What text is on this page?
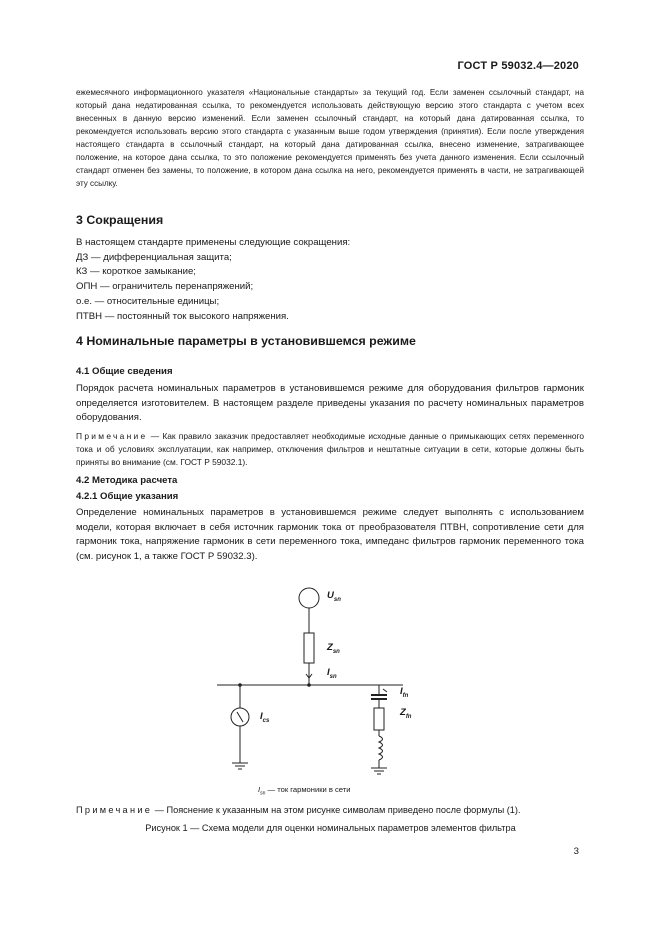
ГОСТ Р 59032.4—2020
ежемесячного информационного указателя «Национальные стандарты» за текущий год. Если заменен ссылочный стандарт, на который дана недатированная ссылка, то рекомендуется использовать действующую версию этого стандарта с учетом всех внесенных в данную версию изменений. Если заменен ссылочный стандарт, на который дана датированная ссылка, то рекомендуется использовать версию этого стандарта с указанным выше годом утверждения (принятия). Если после утверждения настоящего стандарта в ссылочный стандарт, на который дана датированная ссылка, внесено изменение, затрагивающее положение, на которое дана ссылка, то это положение рекомендуется применять без учета данного изменения. Если ссылочный стандарт отменен без замены, то положение, в котором дана ссылка на него, рекомендуется применять в части, не затрагивающей эту ссылку.
3 Сокращения
В настоящем стандарте применены следующие сокращения:
ДЗ — дифференциальная защита;
КЗ — короткое замыкание;
ОПН — ограничитель перенапряжений;
о.е. — относительные единицы;
ПТВН — постоянный ток высокого напряжения.
4 Номинальные параметры в установившемся режиме
4.1 Общие сведения
Порядок расчета номинальных параметров в установившемся режиме для оборудования фильтров гармоник определяется изготовителем. В настоящем разделе приведены указания по расчету номинальных параметров оборудования.
Примечание — Как правило заказчик предоставляет необходимые исходные данные о примыкающих сетях переменного тока и об условиях эксплуатации, как например, отключения фильтров и нештатные ситуации в сети, которые должны быть приняты во внимание (см. ГОСТ Р 59032.1).
4.2 Методика расчета
4.2.1 Общие указания
Определение номинальных параметров в установившемся режиме следует выполнять с использованием модели, которая включает в себя источник гармоник тока от преобразователя ПТВН, сопротивление сети для гармоник тока, напряжение гармоник в сети переменного тока, импеданс фильтров гармоник переменного тока (см. рисунок 1, а также ГОСТ Р 59032.3).
$U_{sn}$
$Z_{sn}$
$I_{sn}$
$I_{cs}$
$I_{fn}$
$Z_{fn}$
$I_{sn}$ — ток гармоники в сети
Примечание — Пояснение к указанным на этом рисунке символам приведено после формулы (1).
Рисунок 1 — Схема модели для оценки номинальных параметров элементов фильтра
3
